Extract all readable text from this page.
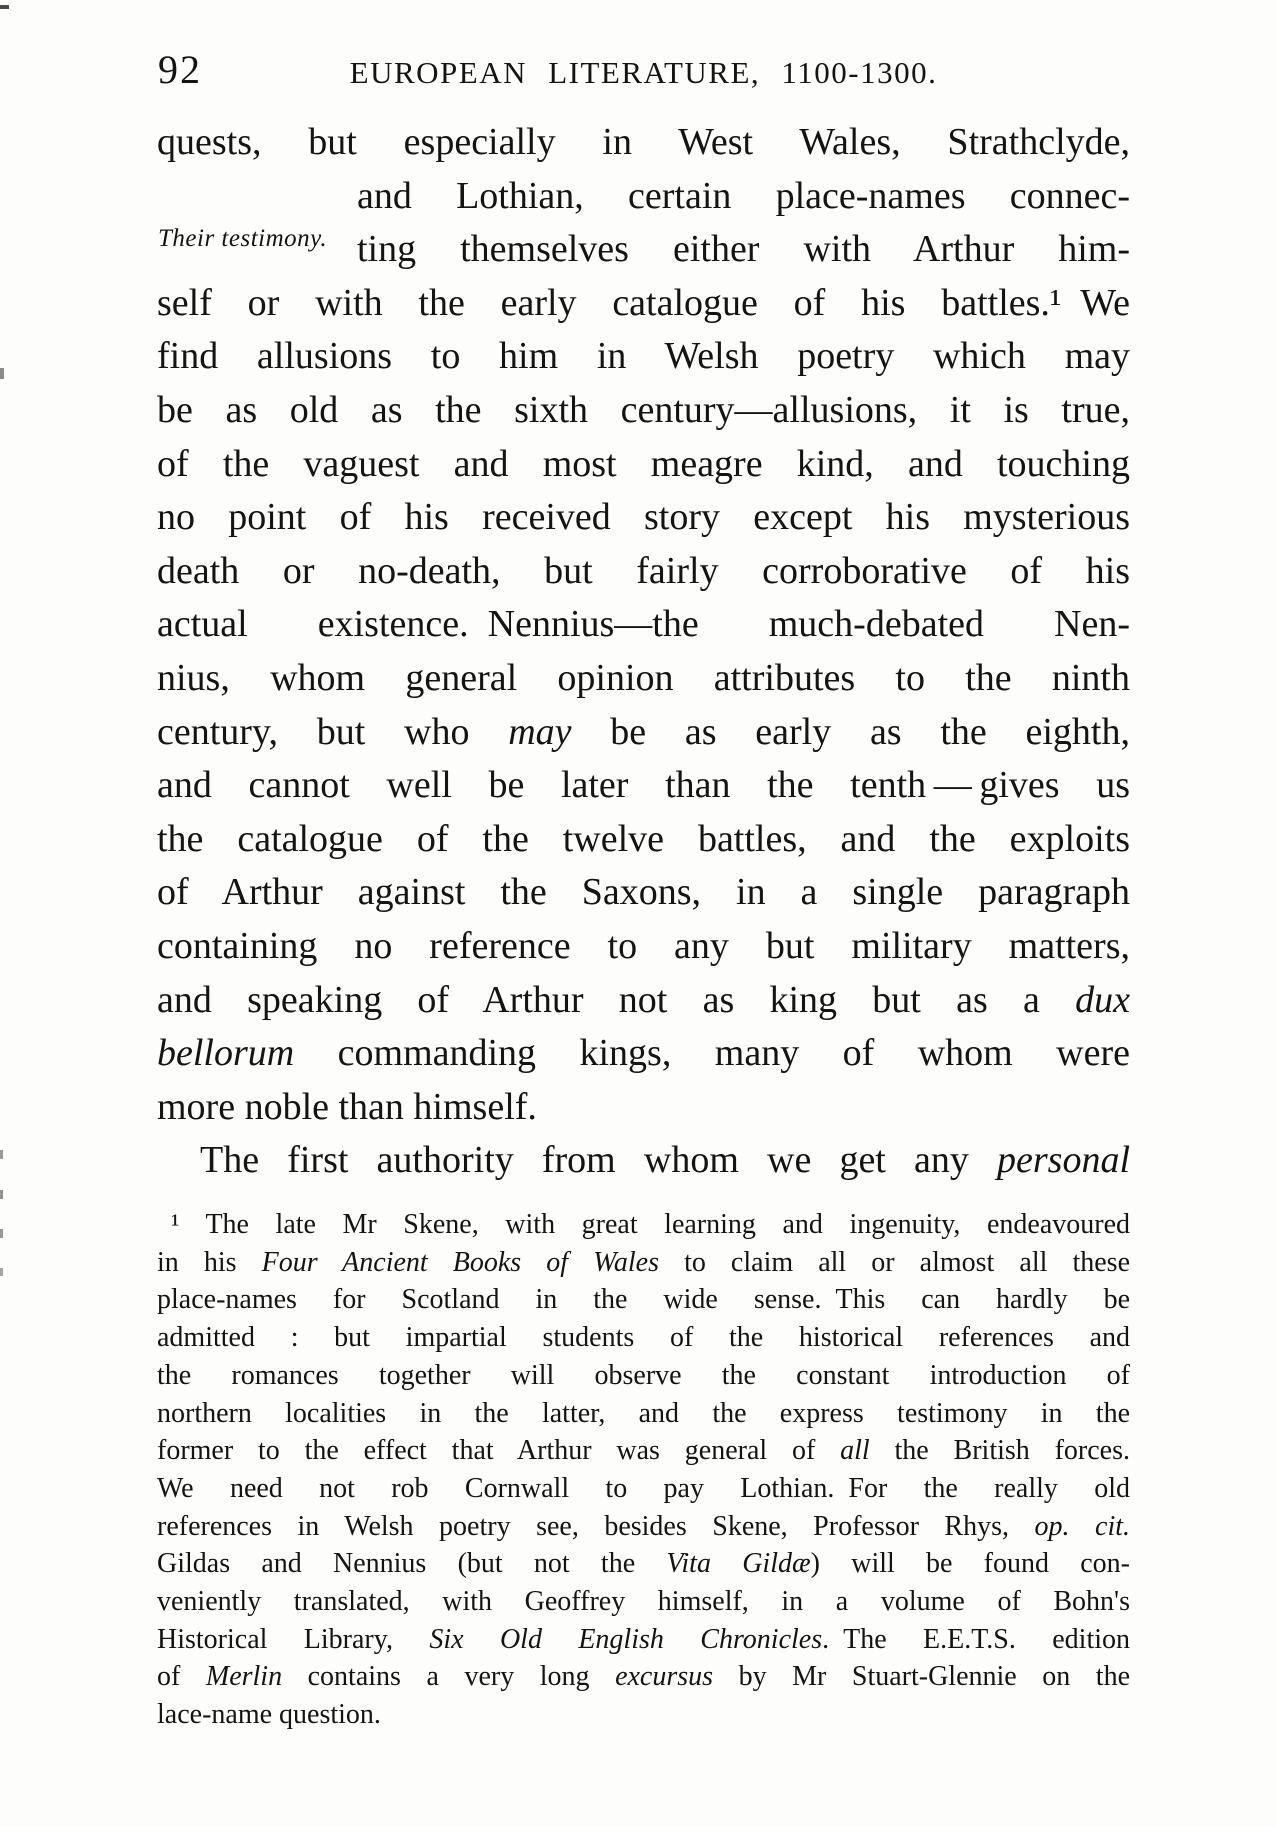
92	EUROPEAN LITERATURE, 1100-1300.
Their testimony.
quests, but especially in West Wales, Strathclyde,
and Lothian, certain place-names connec-
ting themselves either with Arthur him-
self or with the early catalogue of his battles.¹ We
find allusions to him in Welsh poetry which may
be as old as the sixth century—allusions, it is true,
of the vaguest and most meagre kind, and touching
no point of his received story except his mysterious
death or no-death, but fairly corroborative of his
actual existence. Nennius—the much-debated Nen-
nius, whom general opinion attributes to the ninth
century, but who may be as early as the eighth,
and cannot well be later than the tenth — gives us
the catalogue of the twelve battles, and the exploits
of Arthur against the Saxons, in a single paragraph
containing no reference to any but military matters,
and speaking of Arthur not as king but as a dux
bellorum commanding kings, many of whom were
more noble than himself.
The first authority from whom we get any personal
¹ The late Mr Skene, with great learning and ingenuity, endeavoured
in his Four Ancient Books of Wales to claim all or almost all these
place-names for Scotland in the wide sense. This can hardly be
admitted : but impartial students of the historical references and
the romances together will observe the constant introduction of
northern localities in the latter, and the express testimony in the
former to the effect that Arthur was general of all the British forces.
We need not rob Cornwall to pay Lothian. For the really old
references in Welsh poetry see, besides Skene, Professor Rhys, op. cit.
Gildas and Nennius (but not the Vita Gildæ) will be found con-
veniently translated, with Geoffrey himself, in a volume of Bohn's
Historical Library, Six Old English Chronicles. The E.E.T.S. edition
of Merlin contains a very long excursus by Mr Stuart-Glennie on the
lace-name question.
